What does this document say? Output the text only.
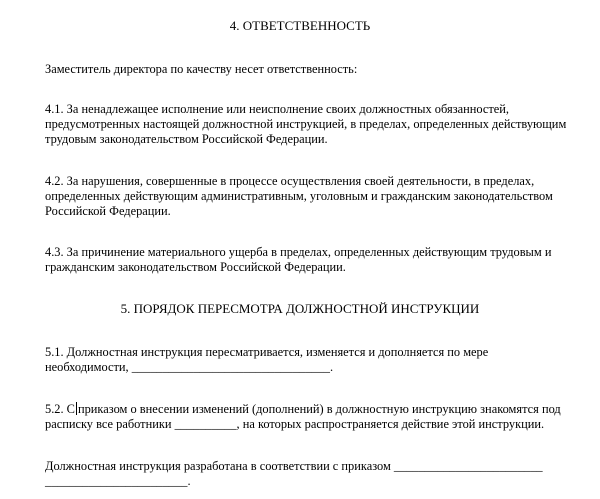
4. ОТВЕТСТВЕННОСТЬ
Заместитель директора по качеству несет ответственность:
4.1. За ненадлежащее исполнение или неисполнение своих должностных обязанностей,
предусмотренных настоящей должностной инструкцией, в пределах, определенных действующим
трудовым законодательством Российской Федерации.
4.2. За нарушения, совершенные в процессе осуществления своей деятельности, в пределах,
определенных действующим административным, уголовным и гражданским законодательством
Российской Федерации.
4.3. За причинение материального ущерба в пределах, определенных действующим трудовым и
гражданским законодательством Российской Федерации.
5. ПОРЯДОК ПЕРЕСМОТРА ДОЛЖНОСТНОЙ ИНСТРУКЦИИ
5.1. Должностная инструкция пересматривается, изменяется и дополняется по мере
необходимости, ________________________________.
5.2. С приказом о внесении изменений (дополнений) в должностную инструкцию знакомятся под
расписку все работники __________, на которых распространяется действие этой инструкции.
Должностная инструкция разработана в соответствии с приказом ________________________
_______________________.
